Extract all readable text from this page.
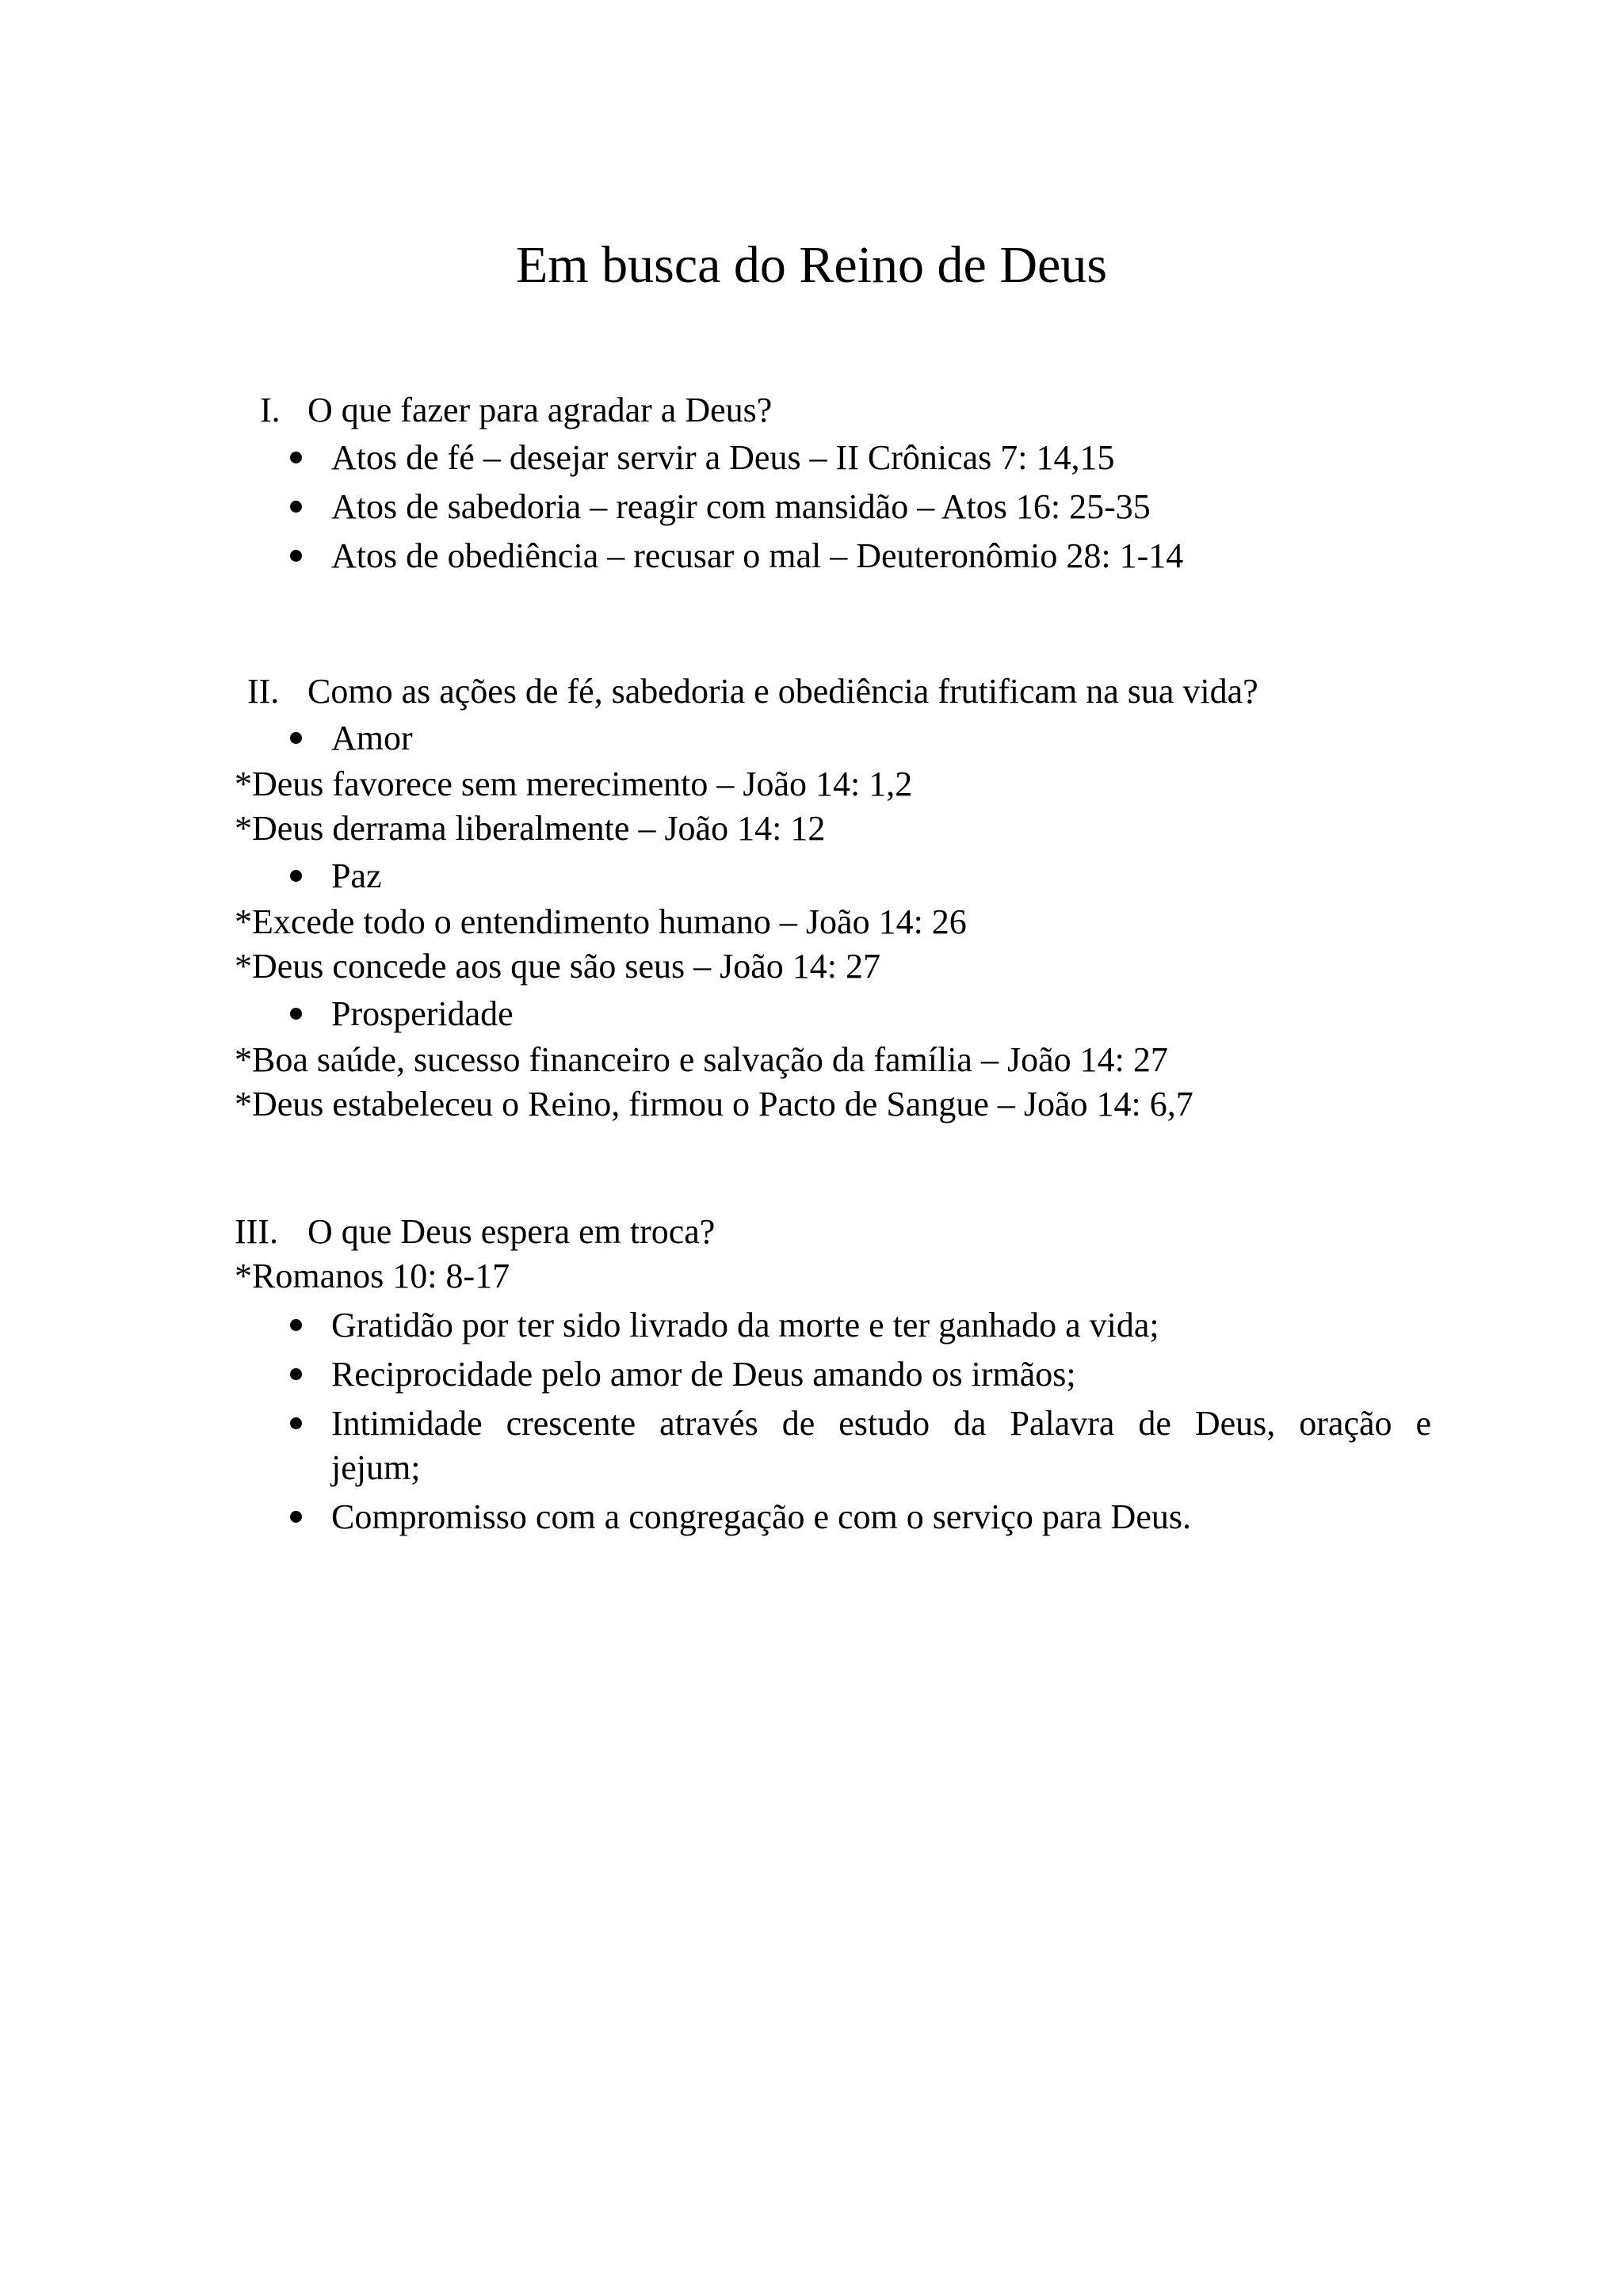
Em busca do Reino de Deus
I. O que fazer para agradar a Deus?
Atos de fé – desejar servir a Deus – II Crônicas 7: 14,15
Atos de sabedoria – reagir com mansidão – Atos 16: 25-35
Atos de obediência – recusar o mal – Deuteronômio 28: 1-14
II. Como as ações de fé, sabedoria e obediência frutificam na sua vida?
Amor
*Deus favorece sem merecimento – João 14: 1,2
*Deus derrama liberalmente – João 14: 12
Paz
*Excede todo o entendimento humano – João 14: 26
*Deus concede aos que são seus – João 14: 27
Prosperidade
*Boa saúde, sucesso financeiro e salvação da família – João 14: 27
*Deus estabeleceu o Reino, firmou o Pacto de Sangue – João 14: 6,7
III. O que Deus espera em troca?
*Romanos 10: 8-17
Gratidão por ter sido livrado da morte e ter ganhado a vida;
Reciprocidade pelo amor de Deus amando os irmãos;
Intimidade crescente através de estudo da Palavra de Deus, oração e
jejum;
Compromisso com a congregação e com o serviço para Deus.
